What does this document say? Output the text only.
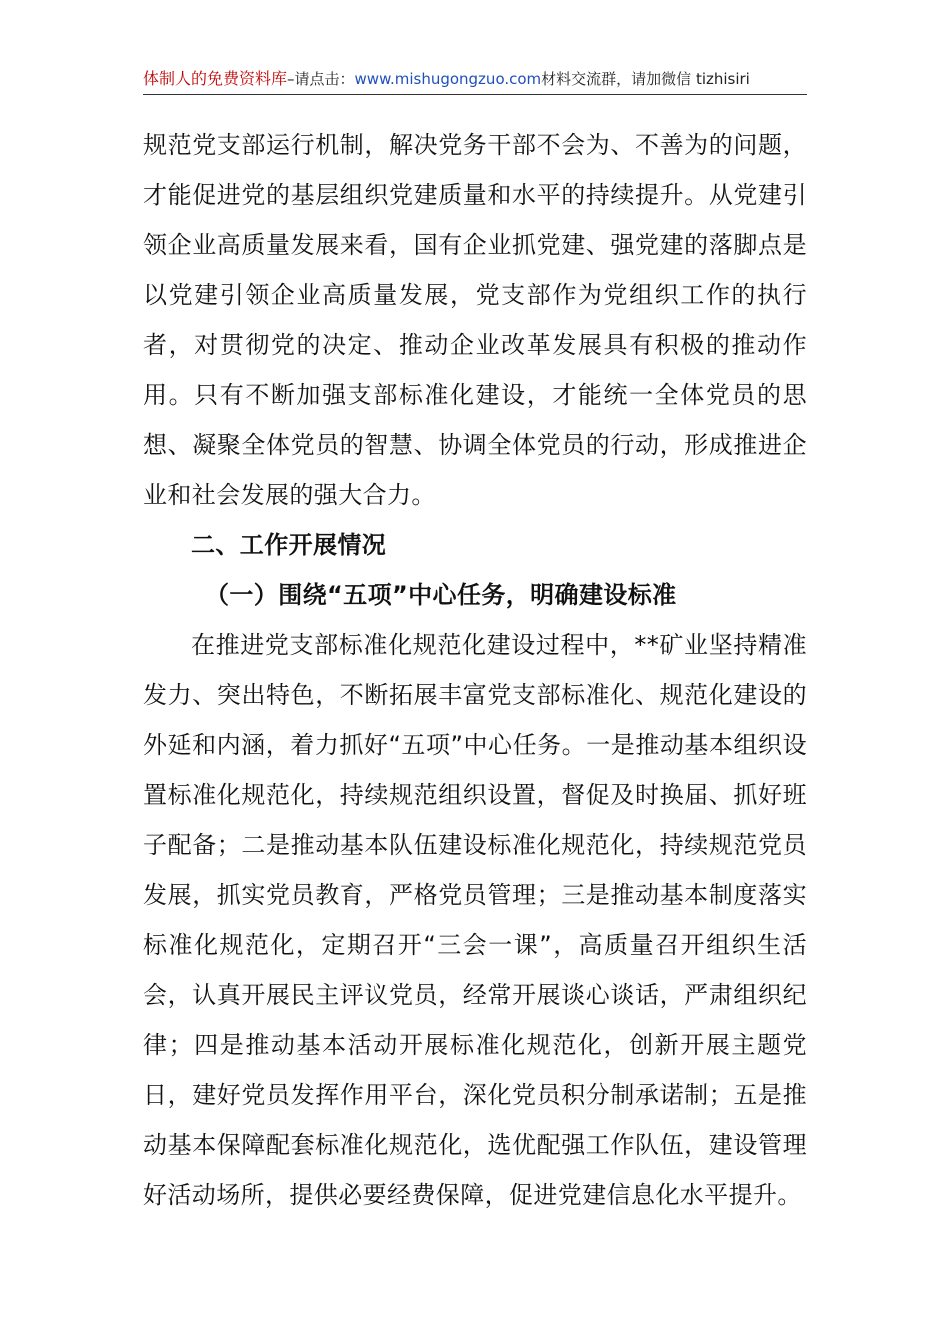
体制人的免费资料库–请点击：www.mishugongzuo.com材料交流群，请加微信 tizhisiri

规范党支部运行机制，解决党务干部不会为、不善为的问题，才能促进党的基层组织党建质量和水平的持续提升。从党建引领企业高质量发展来看，国有企业抓党建、强党建的落脚点是以党建引领企业高质量发展，党支部作为党组织工作的执行者，对贯彻党的决定、推动企业改革发展具有积极的推动作用。只有不断加强支部标准化建设，才能统一全体党员的思想、凝聚全体党员的智慧、协调全体党员的行动，形成推进企业和社会发展的强大合力。

二、工作开展情况

（一）围绕“五项”中心任务，明确建设标准

在推进党支部标准化规范化建设过程中，**矿业坚持精准发力、突出特色，不断拓展丰富党支部标准化、规范化建设的外延和内涵，着力抓好“五项”中心任务。一是推动基本组织设置标准化规范化，持续规范组织设置，督促及时换届、抓好班子配备；二是推动基本队伍建设标准化规范化，持续规范党员发展，抓实党员教育，严格党员管理；三是推动基本制度落实标准化规范化，定期召开“三会一课”，高质量召开组织生活会，认真开展民主评议党员，经常开展谈心谈话，严肃组织纪律；四是推动基本活动开展标准化规范化，创新开展主题党日，建好党员发挥作用平台，深化党员积分制承诺制；五是推动基本保障配套标准化规范化，选优配强工作队伍，建设管理好活动场所，提供必要经费保障，促进党建信息化水平提升。
